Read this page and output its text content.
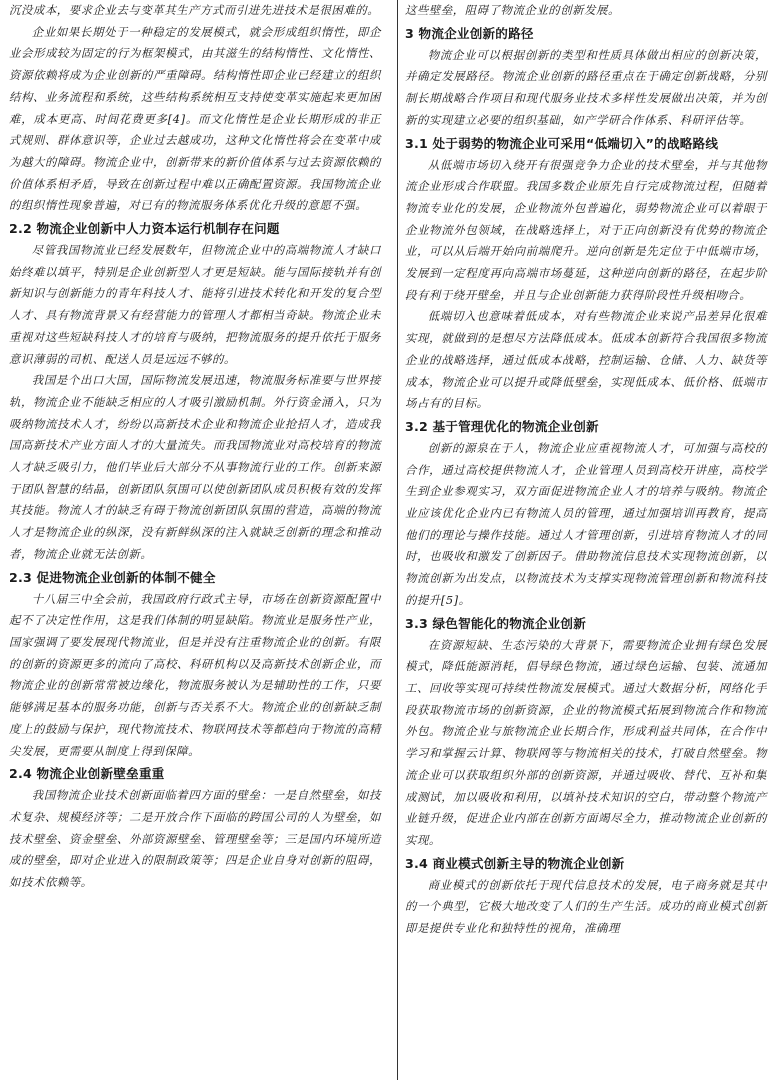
沉没成本，要求企业去与变革其生产方式而引进先进技术是很困难的。

企业如果长期处于一种稳定的发展模式，就会形成组织惰性，即企业会形成较为固定的行为框架模式，由其滋生的结构惰性、文化惰性、资源依赖将成为企业创新的严重障碍。结构惰性即企业已经建立的组织结构、业务流程和系统，这些结构系统相互支持使变革实施起来更加困难，成本更高、时间花费更多[4]。而文化惰性是企业长期形成的非正式规则、群体意识等，企业过去越成功，这种文化惰性将会在变革中成为越大的障碍。物流企业中，创新带来的新价值体系与过去资源依赖的价值体系相矛盾，导致在创新过程中难以正确配置资源。我国物流企业的组织惰性现象普遍，对已有的物流服务体系优化升级的意愿不强。

2.2 物流企业创新中人力资本运行机制存在问题

尽管我国物流业已经发展数年，但物流企业中的高端物流人才缺口始终难以填平，特别是企业创新型人才更是短缺。能与国际接轨并有创新知识与创新能力的青年科技人才、能将引进技术转化和开发的复合型人才、具有物流背景又有经营能力的管理人才都相当奇缺。物流企业未重视对这些短缺科技人才的培育与吸纳，把物流服务的提升依托于服务意识薄弱的司机、配送人员是远远不够的。

我国是个出口大国，国际物流发展迅速，物流服务标准要与世界接轨，物流企业不能缺乏相应的人才吸引激励机制。外行资金涌入，只为吸纳物流技术人才，纷纷以高新技术企业和物流企业抢招人才，造成我国高新技术产业方面人才的大量流失。而我国物流业对高校培育的物流人才缺乏吸引力，他们毕业后大部分不从事物流行业的工作。创新来源于团队智慧的结晶，创新团队氛围可以使创新团队成员积极有效的发挥其技能。物流人才的缺乏有碍于物流创新团队氛围的营造，高端的物流人才是物流企业的纵深，没有新鲜纵深的注入就缺乏创新的理念和推动者，物流企业就无法创新。

2.3 促进物流企业创新的体制不健全

十八届三中全会前，我国政府行政式主导，市场在创新资源配置中起不了决定性作用，这是我们体制的明显缺陷。物流业是服务性产业，国家强调了要发展现代物流业，但是并没有注重物流企业的创新。有限的创新的资源更多的流向了高校、科研机构以及高新技术创新企业，而物流企业的创新常常被边缘化，物流服务被认为是辅助性的工作，只要能够满足基本的服务功能，创新与否关系不大。物流企业的创新缺乏制度上的鼓励与保护，现代物流技术、物联网技术等都趋向于物流的高精尖发展，更需要从制度上得到保障。

2.4 物流企业创新壁垒重重

我国物流企业技术创新面临着四方面的壁垒：一是自然壁垒，如技术复杂、规模经济等；二是开放合作下面临的跨国公司的人为壁垒，如技术壁垒、资金壁垒、外部资源壁垒、管理壁垒等；三是国内环境所造成的壁垒，即对企业进入的限制政策等；四是企业自身对创新的阻碍，如技术依赖等。

这些壁垒，阻碍了物流企业的创新发展。

3 物流企业创新的路径

物流企业可以根据创新的类型和性质具体做出相应的创新决策，并确定发展路径。物流企业创新的路径重点在于确定创新战略，分别制长期战略合作项目和现代服务业技术多样性发展做出决策，并为创新的实现建立必要的组织基础，如产学研合作体系、科研评估等。

3.1 处于弱势的物流企业可采用“低端切入”的战略路线

从低端市场切入绕开有很强竞争力企业的技术壁垒，并与其他物流企业形成合作联盟。我国多数企业原先自行完成物流过程，但随着物流专业化的发展，企业物流外包普遍化，弱势物流企业可以着眼于企业物流外包领域，在战略选择上，对于正向创新没有优势的物流企业，可以从后端开始向前端爬升。逆向创新是先定位于中低端市场，发展到一定程度再向高端市场蔓延，这种逆向创新的路径，在起步阶段有利于绕开壁垒，并且与企业创新能力获得阶段性升级相吻合。

低端切入也意味着低成本，对有些物流企业来说产品差异化很难实现，就做到的是想尽方法降低成本。低成本创新符合我国很多物流企业的战略选择，通过低成本战略，控制运输、仓储、人力、缺货等成本，物流企业可以提升或降低壁垒，实现低成本、低价格、低端市场占有的目标。

3.2 基于管理优化的物流企业创新

创新的源泉在于人，物流企业应重视物流人才，可加强与高校的合作，通过高校提供物流人才，企业管理人员到高校开讲座，高校学生到企业参观实习，双方面促进物流企业人才的培养与吸纳。物流企业应该优化企业内已有物流人员的管理，通过加强培训再教育，提高他们的理论与操作技能。通过人才管理创新，引进培育物流人才的同时，也吸收和激发了创新因子。借助物流信息技术实现物流创新，以物流创新为出发点，以物流技术为支撑实现物流管理创新和物流科技的提升[5]。

3.3 绿色智能化的物流企业创新

在资源短缺、生态污染的大背景下，需要物流企业拥有绿色发展模式，降低能源消耗，倡导绿色物流，通过绿色运输、包装、流通加工、回收等实现可持续性物流发展模式。通过大数据分析，网络化手段获取物流市场的创新资源，企业的物流模式拓展到物流合作和物流外包。物流企业与旅物流企业长期合作，形成利益共同体，在合作中学习和掌握云计算、物联网等与物流相关的技术，打破自然壁垒。物流企业可以获取组织外部的创新资源，并通过吸收、替代、互补和集成测试，加以吸收和利用，以填补技术知识的空白，带动整个物流产业链升级，促进企业内部在创新方面竭尽全力，推动物流企业创新的实现。

3.4 商业模式创新主导的物流企业创新

商业模式的创新依托于现代信息技术的发展，电子商务就是其中的一个典型，它极大地改变了人们的生产生活。成功的商业模式创新即是提供专业化和独特性的视角，准确理
